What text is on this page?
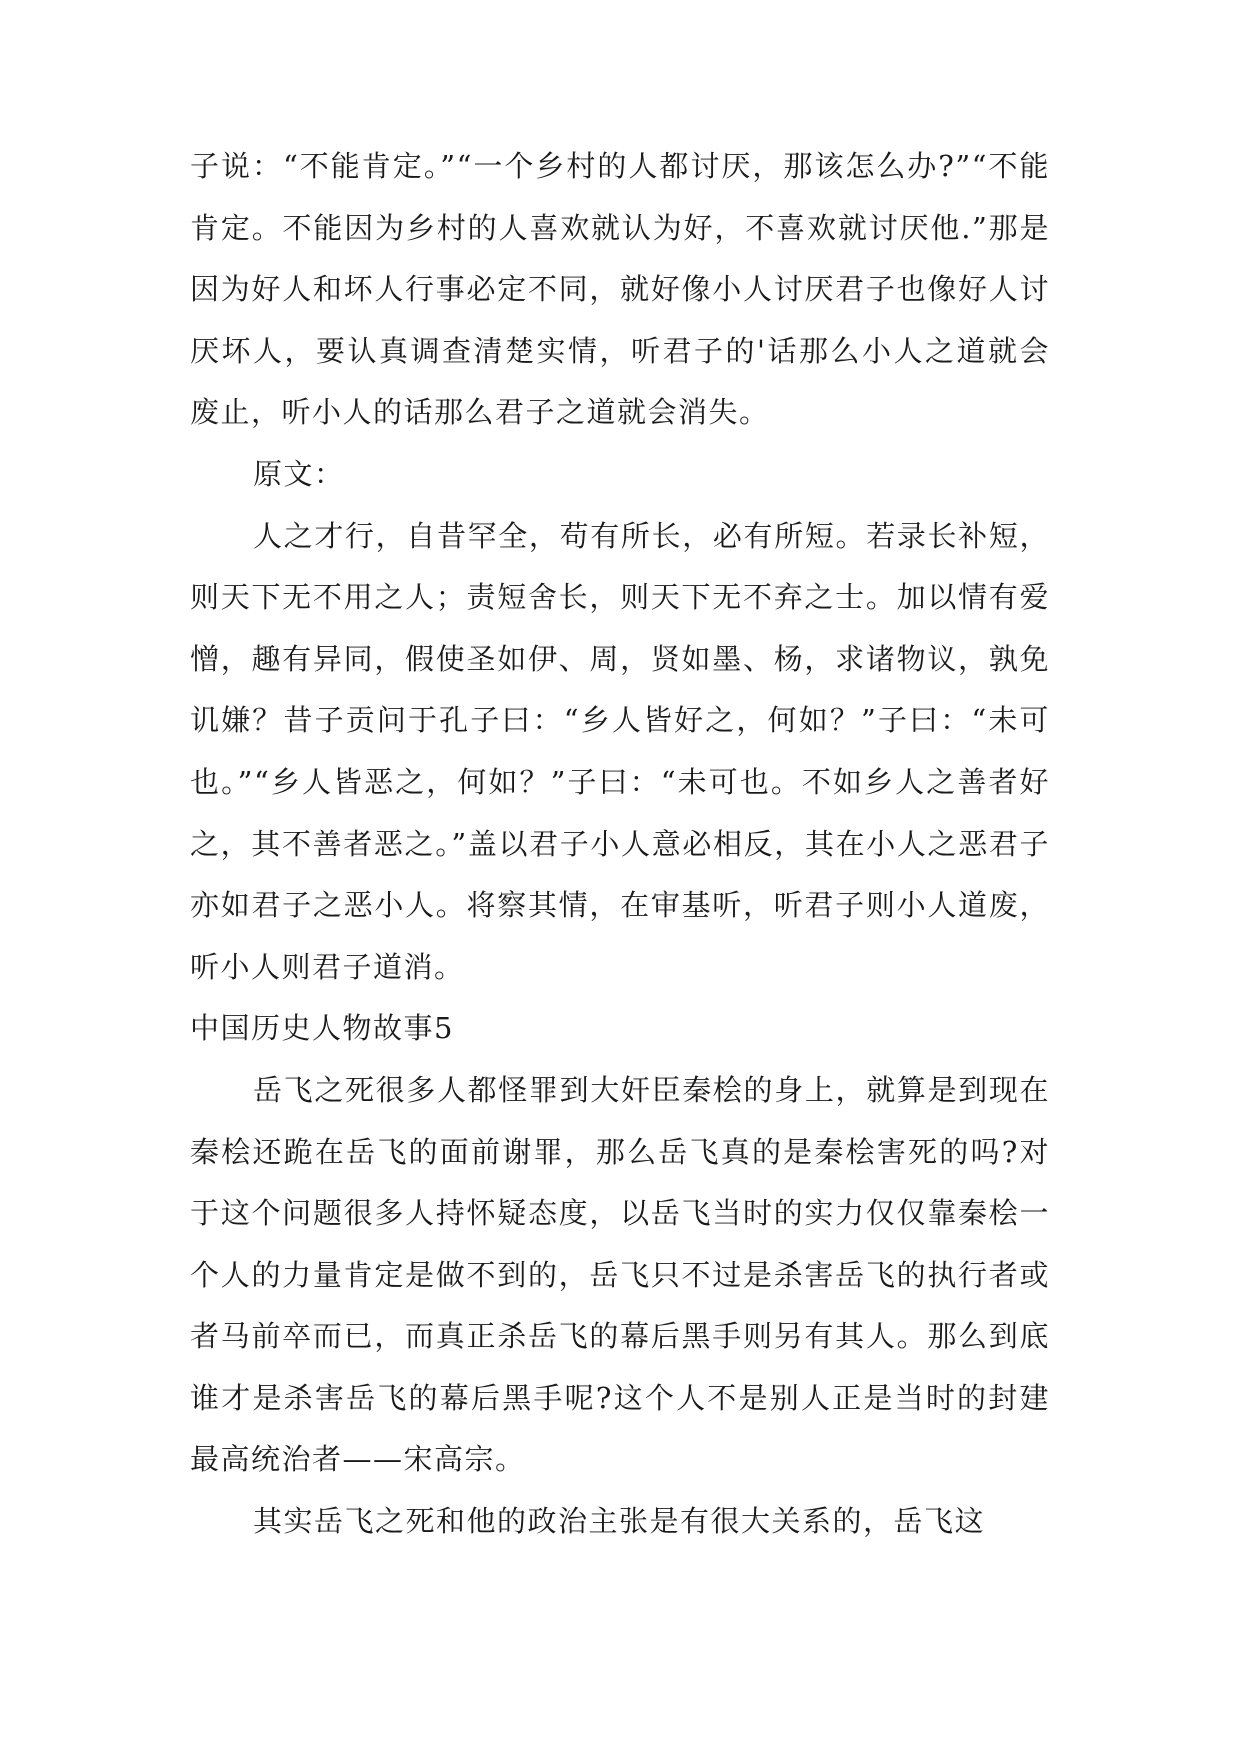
子说：“不能肯定。”“一个乡村的人都讨厌，那该怎么办?”“不能肯定。不能因为乡村的人喜欢就认为好，不喜欢就讨厌他.”那是因为好人和坏人行事必定不同，就好像小人讨厌君子也像好人讨厌坏人，要认真调查清楚实情，听君子的'话那么小人之道就会废止，听小人的话那么君子之道就会消失。

原文：

人之才行，自昔罕全，苟有所长，必有所短。若录长补短，则天下无不用之人；责短舍长，则天下无不弃之士。加以情有爱憎，趣有异同，假使圣如伊、周，贤如墨、杨，求诸物议，孰免讥嫌？昔子贡问于孔子曰：“乡人皆好之，何如？”子曰：“未可也。”“乡人皆恶之，何如？”子曰：“未可也。不如乡人之善者好之，其不善者恶之。”盖以君子小人意必相反，其在小人之恶君子亦如君子之恶小人。将察其情，在审基听，听君子则小人道废，听小人则君子道消。

中国历史人物故事5

岳飞之死很多人都怪罪到大奸臣秦桧的身上，就算是到现在秦桧还跪在岳飞的面前谢罪，那么岳飞真的是秦桧害死的吗?对于这个问题很多人持怀疑态度，以岳飞当时的实力仅仅靠秦桧一个人的力量肯定是做不到的，岳飞只不过是杀害岳飞的执行者或者马前卒而已，而真正杀岳飞的幕后黑手则另有其人。那么到底谁才是杀害岳飞的幕后黑手呢?这个人不是别人正是当时的封建最高统治者——宋高宗。

其实岳飞之死和他的政治主张是有很大关系的，岳飞这
